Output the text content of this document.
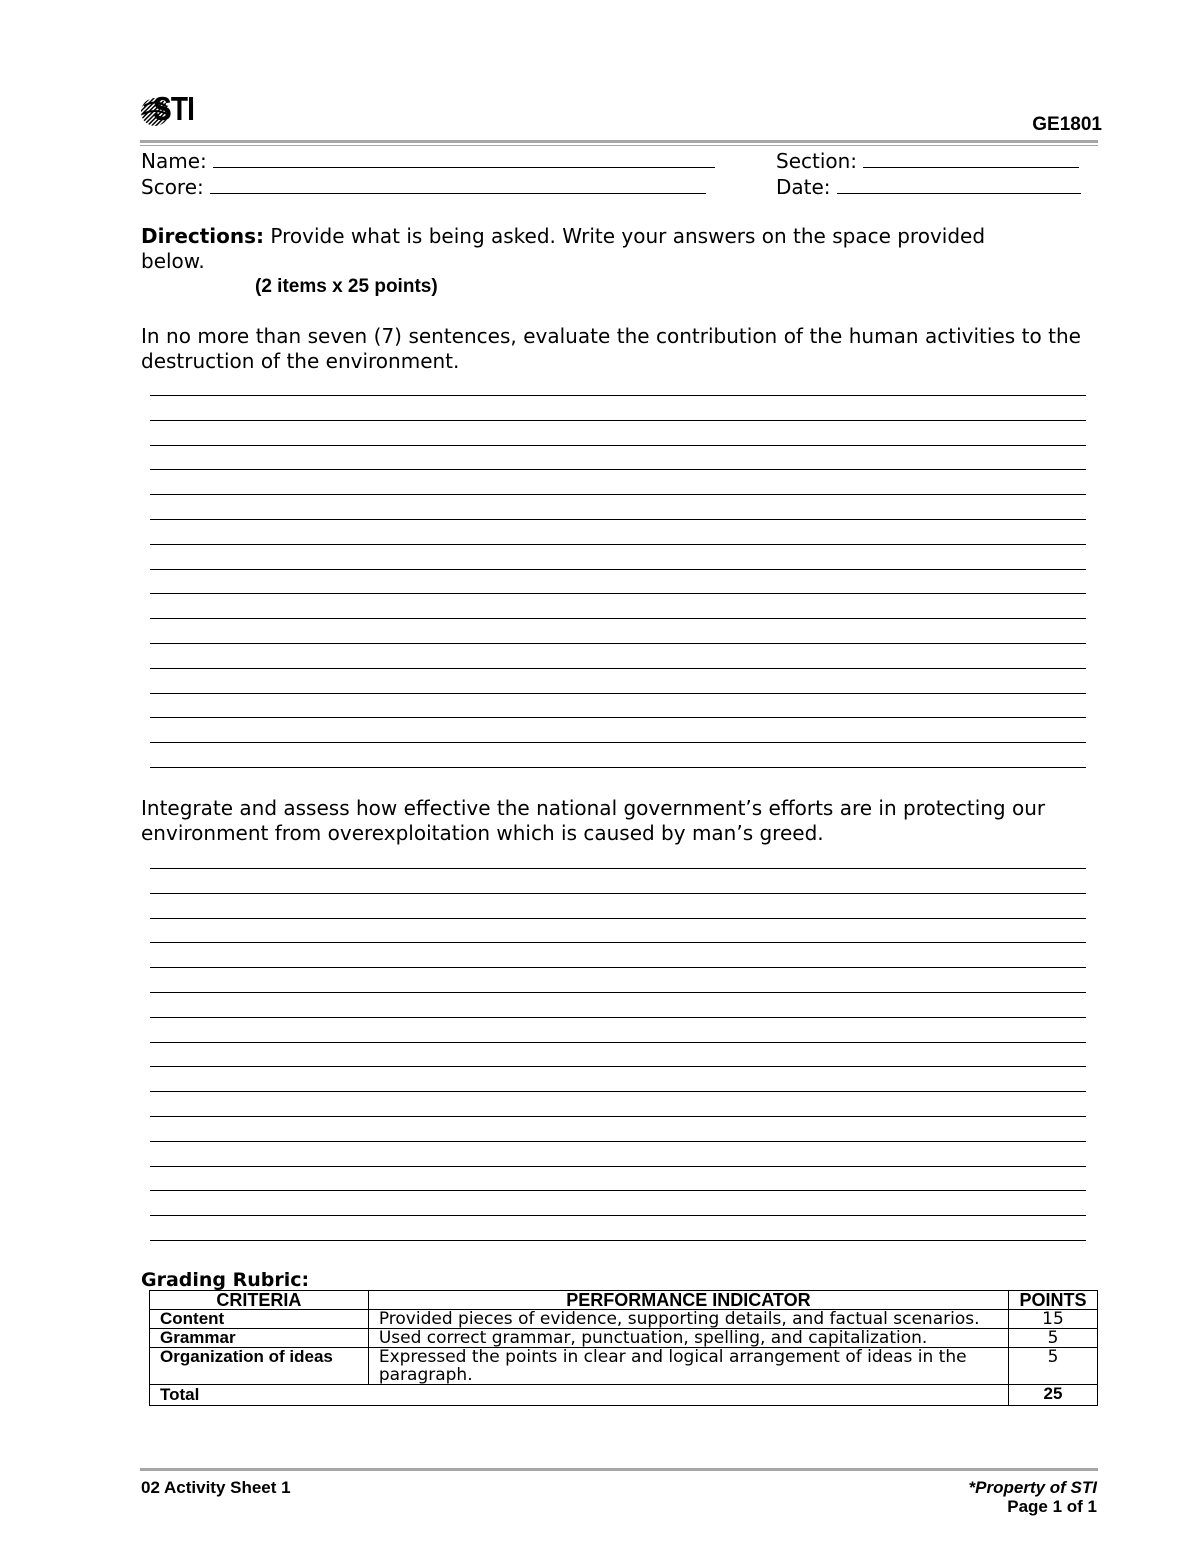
STI	GE1801
Name:	Section:
Score:	Date:
Directions: Provide what is being asked. Write your answers on the space provided below.
(2 items x 25 points)
In no more than seven (7) sentences, evaluate the contribution of the human activities to the destruction of the environment.
Integrate and assess how effective the national government’s efforts are in protecting our environment from overexploitation which is caused by man’s greed.
Grading Rubric:
CRITERIA	PERFORMANCE INDICATOR	POINTS
Content	Provided pieces of evidence, supporting details, and factual scenarios.	15
Grammar	Used correct grammar, punctuation, spelling, and capitalization.	5
Organization of ideas	Expressed the points in clear and logical arrangement of ideas in the paragraph.	5
Total		25
02 Activity Sheet 1	*Property of STI
Page 1 of 1
